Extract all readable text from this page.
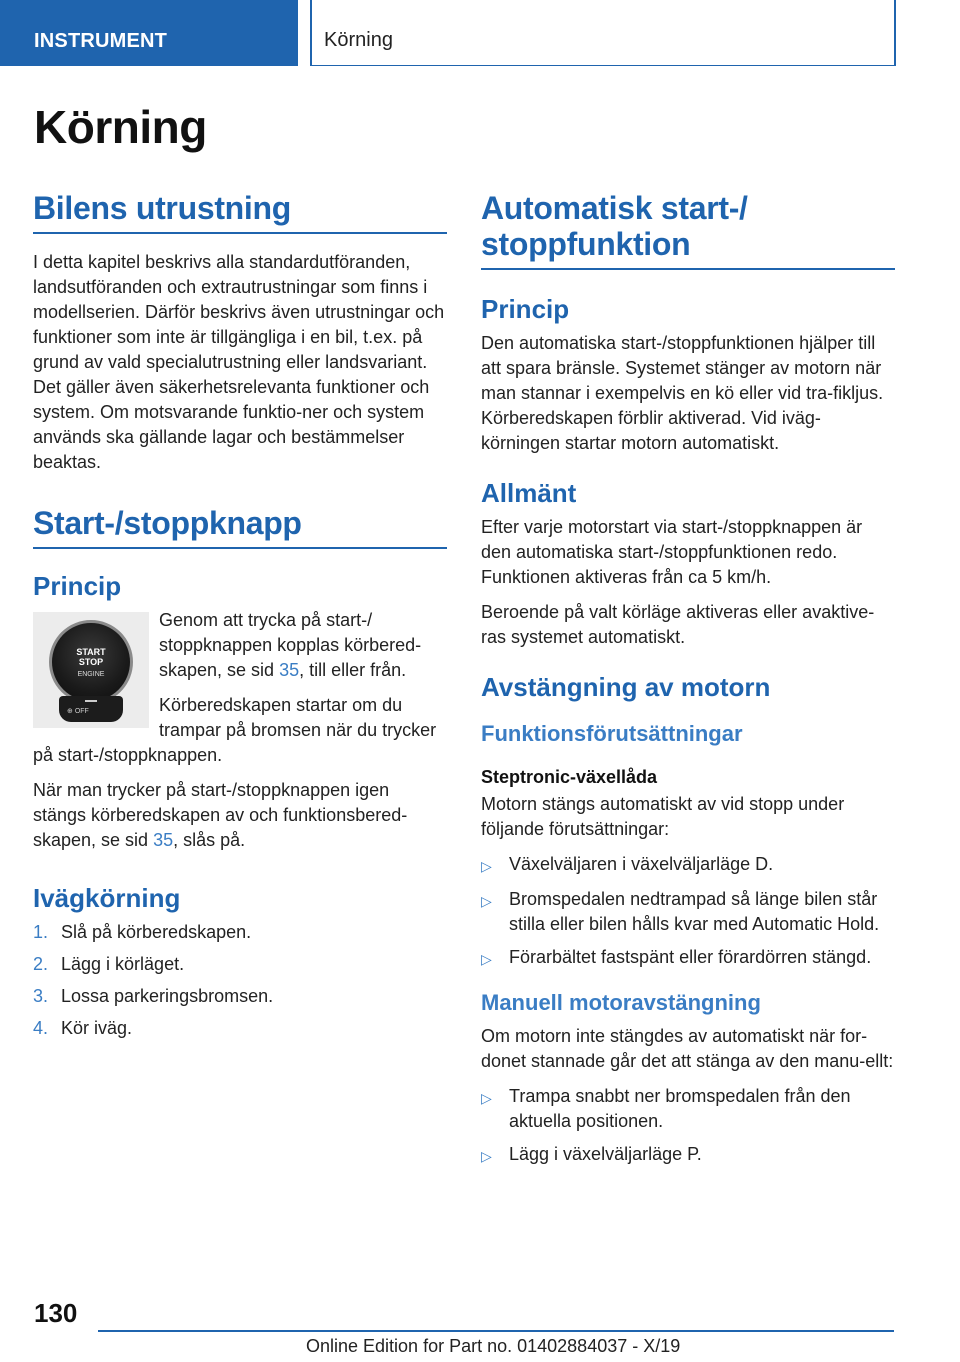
INSTRUMENT	Körning
Körning
Bilens utrustning

I detta kapitel beskrivs alla standardutföranden, landsutföranden och extrautrustningar som finns i modellserien. Därför beskrivs även utrustningar och funktioner som inte är tillgängliga i en bil, t.ex. på grund av vald specialutrustning eller landsvariant. Det gäller även säkerhetsrelevanta funktioner och system. Om motsvarande funktio-ner och system används ska gällande lagar och bestämmelser beaktas.

Start-/stoppknapp
Princip
START
STOP
ENGINE
⊕ OFF

Genom att trycka på start-/ stoppknappen kopplas körbered-skapen, se sid 35, till eller från.

Körberedskapen startar om du trampar på bromsen när du trycker på start-/stoppknappen.

När man trycker på start-/stoppknappen igen stängs körberedskapen av och funktionsbered-skapen, se sid 35, slås på.

Ivägkörning
1. Slå på körberedskapen.
2. Lägg i körläget.
3. Lossa parkeringsbromsen.
4. Kör iväg.
Automatisk start-/ stoppfunktion
Princip

Den automatiska start-/stoppfunktionen hjälper till att spara bränsle. Systemet stänger av motorn när man stannar i exempelvis en kö eller vid tra-fikljus. Körberedskapen förblir aktiverad. Vid iväg-körningen startar motorn automatiskt.

Allmänt

Efter varje motorstart via start-/stoppknappen är den automatiska start-/stoppfunktionen redo. Funktionen aktiveras från ca 5 km/h.

Beroende på valt körläge aktiveras eller avaktive-ras systemet automatiskt.

Avstängning av motorn
Funktionsförutsättningar
Steptronic-växellåda

Motorn stängs automatiskt av vid stopp under följande förutsättningar:

▷ Växelväljaren i växelväljarläge D.
▷ Bromspedalen nedtrampad så länge bilen står stilla eller bilen hålls kvar med Automatic Hold.
▷ Förarbältet fastspänt eller förardörren stängd.
Manuell motoravstängning

Om motorn inte stängdes av automatiskt när for-donet stannade går det att stänga av den manu-ellt:

▷ Trampa snabbt ner bromspedalen från den aktuella positionen.
▷ Lägg i växelväljarläge P.
130
Online Edition for Part no. 01402884037 - X/19
